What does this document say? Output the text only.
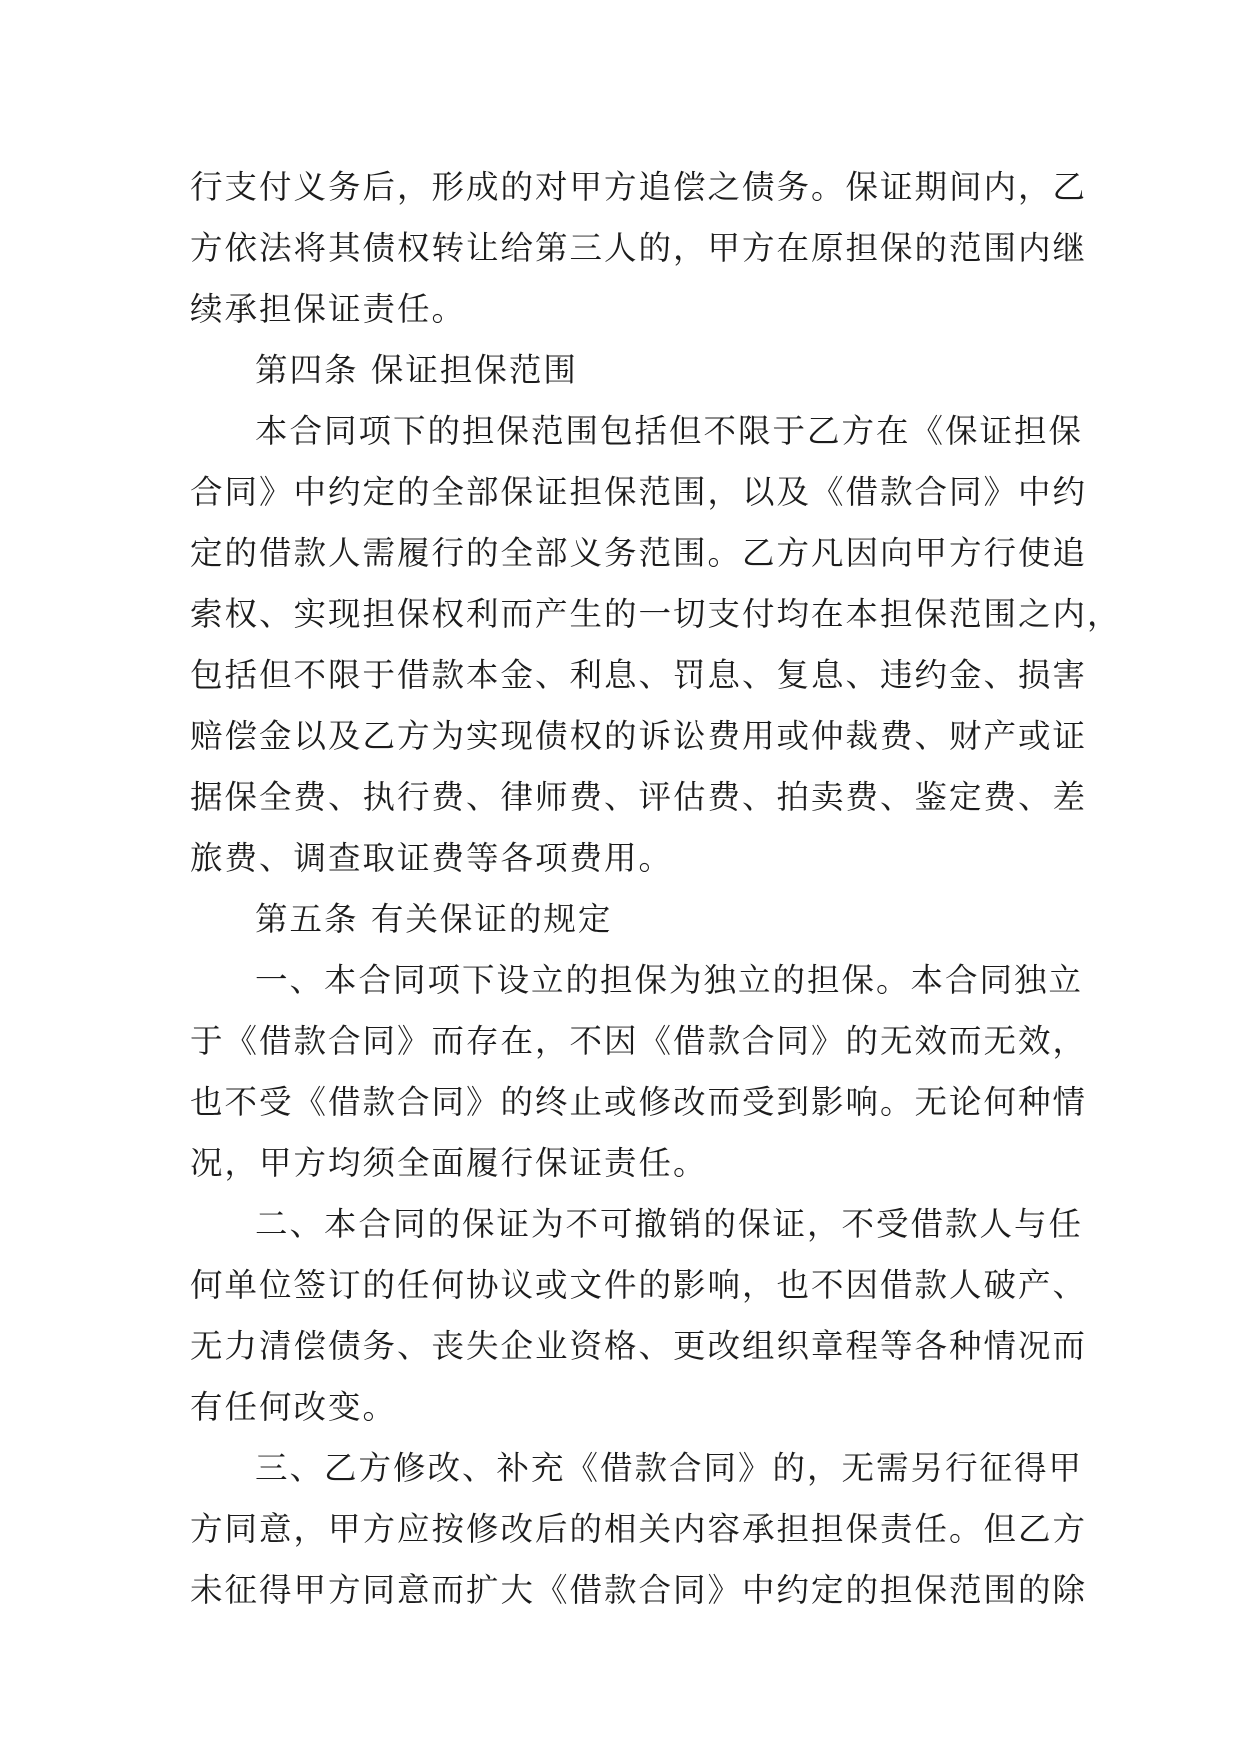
行支付义务后，形成的对甲方追偿之债务。保证期间内，乙
方依法将其债权转让给第三人的，甲方在原担保的范围内继
续承担保证责任。
第四条 保证担保范围
本合同项下的担保范围包括但不限于乙方在《保证担保
合同》中约定的全部保证担保范围，以及《借款合同》中约
定的借款人需履行的全部义务范围。乙方凡因向甲方行使追
索权、实现担保权利而产生的一切支付均在本担保范围之内，
包括但不限于借款本金、利息、罚息、复息、违约金、损害
赔偿金以及乙方为实现债权的诉讼费用或仲裁费、财产或证
据保全费、执行费、律师费、评估费、拍卖费、鉴定费、差
旅费、调查取证费等各项费用。
第五条 有关保证的规定
一、本合同项下设立的担保为独立的担保。本合同独立
于《借款合同》而存在，不因《借款合同》的无效而无效，
也不受《借款合同》的终止或修改而受到影响。无论何种情
况，甲方均须全面履行保证责任。
二、本合同的保证为不可撤销的保证，不受借款人与任
何单位签订的任何协议或文件的影响，也不因借款人破产、
无力清偿债务、丧失企业资格、更改组织章程等各种情况而
有任何改变。
三、乙方修改、补充《借款合同》的，无需另行征得甲
方同意，甲方应按修改后的相关内容承担担保责任。但乙方
未征得甲方同意而扩大《借款合同》中约定的担保范围的除
